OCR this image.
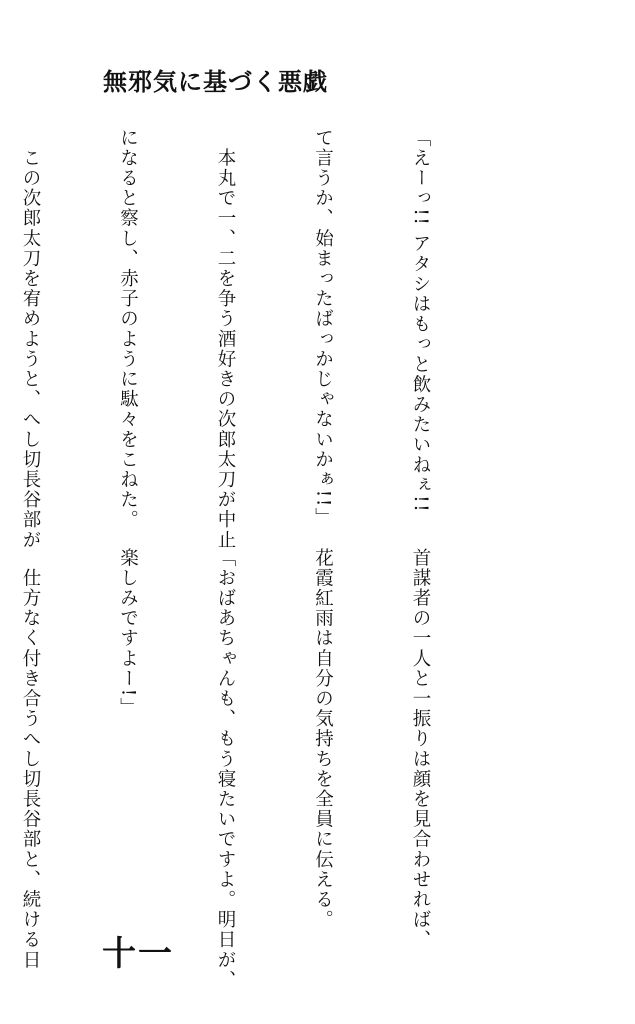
無邪気に基づく悪戯

「えーっ!! アタシはもっと飲みたいねぇ!!

て言うか、始まったばっかじゃないかぁ!!」

　本丸で一、二を争う酒好きの次郎太刀が中止

になると察し、赤子のように駄々をこねた。

　この次郎太刀を宥めようと、へし切長谷部が

首謀者の一人と一振りは顔を見合わせれば、

花霞紅雨は自分の気持ちを全員に伝える。

「おばあちゃんも、もう寝たいですよ。明日が、

楽しみですよー!」

　仕方なく付き合うへし切長谷部と、続ける日

十一
